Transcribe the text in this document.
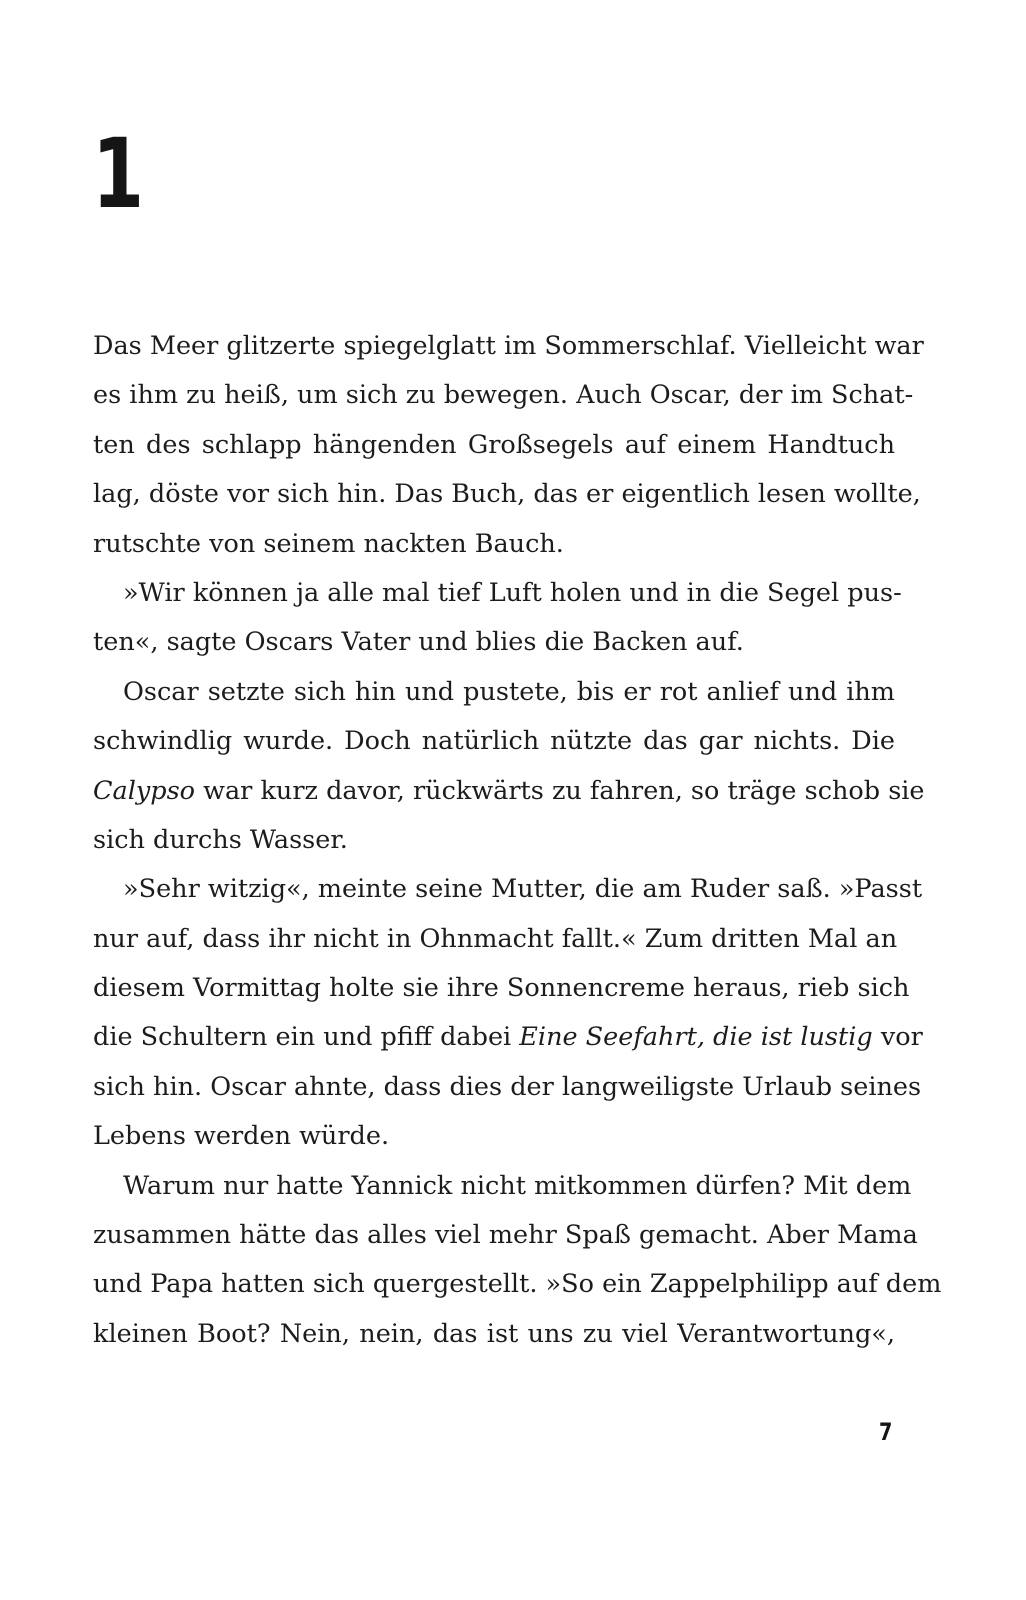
1
Das Meer glitzerte spiegelglatt im Sommerschlaf. Vielleicht war
es ihm zu heiß, um sich zu bewegen. Auch Oscar, der im Schat-
ten des schlapp hängenden Großsegels auf einem Handtuch
lag, döste vor sich hin. Das Buch, das er eigentlich lesen wollte,
rutschte von seinem nackten Bauch.
»Wir können ja alle mal tief Luft holen und in die Segel pus-
ten«, sagte Oscars Vater und blies die Backen auf.
Oscar setzte sich hin und pustete, bis er rot anlief und ihm
schwindlig wurde. Doch natürlich nützte das gar nichts. Die
Calypso war kurz davor, rückwärts zu fahren, so träge schob sie
sich durchs Wasser.
»Sehr witzig«, meinte seine Mutter, die am Ruder saß. »Passt
nur auf, dass ihr nicht in Ohnmacht fallt.« Zum dritten Mal an
diesem Vormittag holte sie ihre Sonnencreme heraus, rieb sich
die Schultern ein und pfiff dabei Eine Seefahrt, die ist lustig vor
sich hin. Oscar ahnte, dass dies der langweiligste Urlaub seines
Lebens werden würde.
Warum nur hatte Yannick nicht mitkommen dürfen? Mit dem
zusammen hätte das alles viel mehr Spaß gemacht. Aber Mama
und Papa hatten sich quergestellt. »So ein Zappelphilipp auf dem
kleinen Boot? Nein, nein, das ist uns zu viel Verantwortung«,
7
